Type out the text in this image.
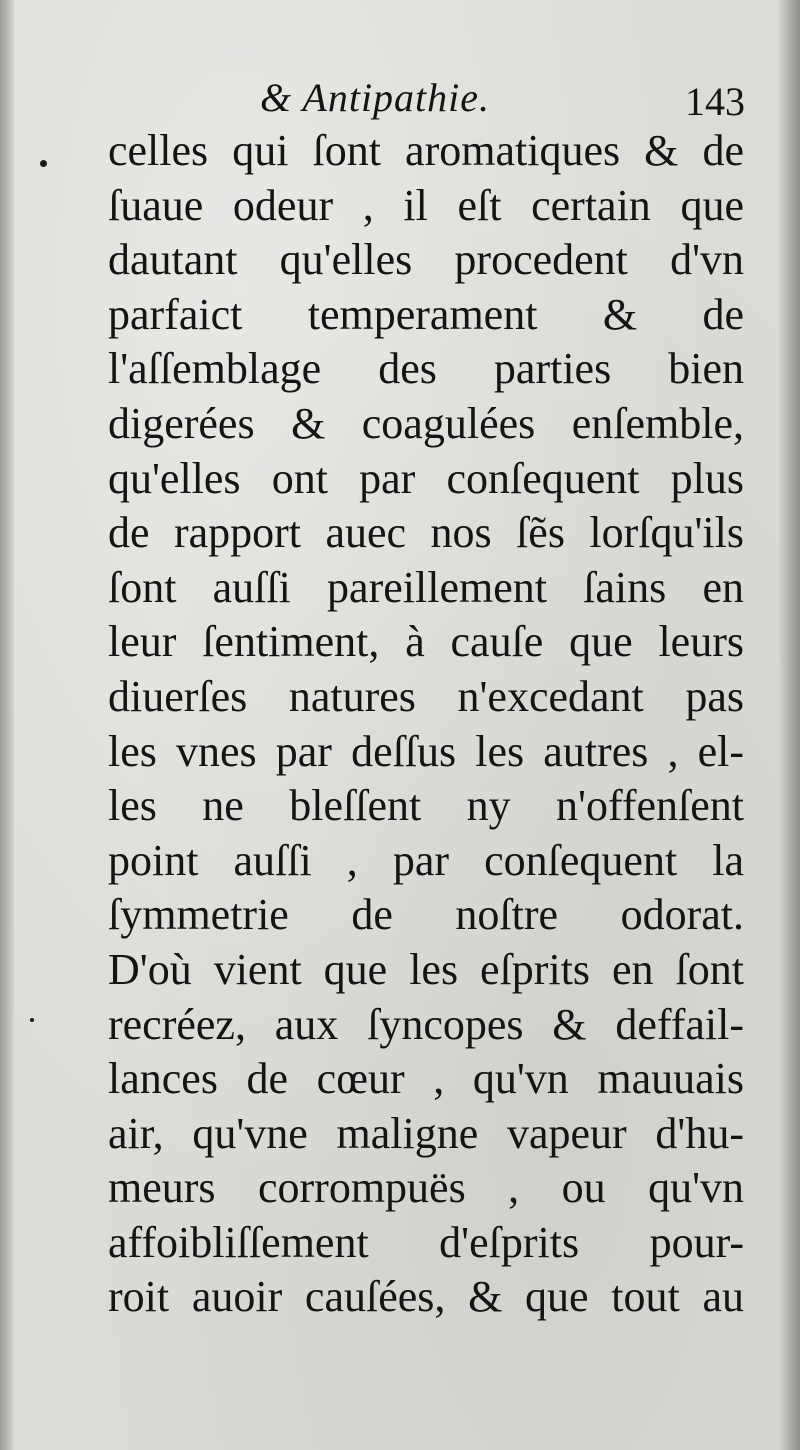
& Antipathie.	143
celles qui ſont aromatiques & de
ſuaue odeur , il eſt certain que
dautant qu'elles procedent d'vn
parfaict temperament & de
l'aſſemblage des parties bien
digerées & coagulées enſemble,
qu'elles ont par conſequent plus
de rapport auec nos ſẽs lorſqu'ils
ſont auſſi pareillement ſains en
leur ſentiment, à cauſe que leurs
diuerſes natures n'excedant pas
les vnes par deſſus les autres , el-
les ne bleſſent ny n'offenſent
point auſſi , par conſequent la
ſymmetrie de noſtre odorat.
D'où vient que les eſprits en ſont
recréez, aux ſyncopes & deffail-
lances de cœur , qu'vn mauuais
air, qu'vne maligne vapeur d'hu-
meurs corrompuës , ou qu'vn
affoibliſſement d'eſprits pour-
roit auoir cauſées, & que tout au
